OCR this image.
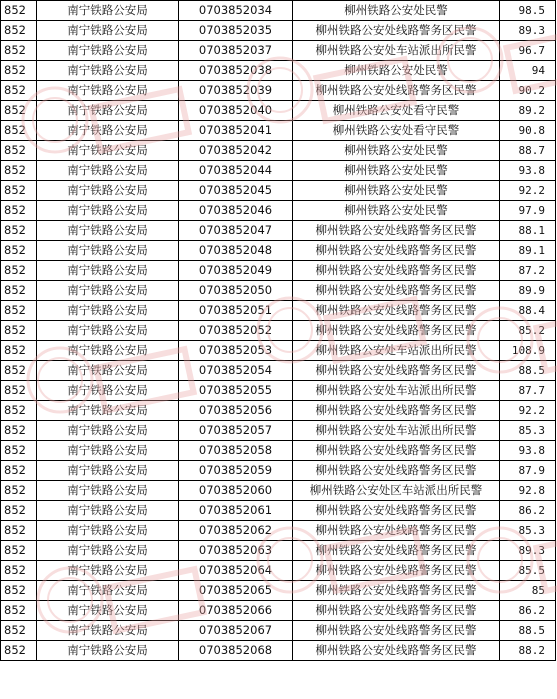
852	南宁铁路公安局	0703852034	柳州铁路公安处民警	98.5
852	南宁铁路公安局	0703852035	柳州铁路公安处线路警务区民警	89.3
852	南宁铁路公安局	0703852037	柳州铁路公安处车站派出所民警	96.7
852	南宁铁路公安局	0703852038	柳州铁路公安处民警	94
852	南宁铁路公安局	0703852039	柳州铁路公安处线路警务区民警	90.2
852	南宁铁路公安局	0703852040	柳州铁路公安处看守民警	89.2
852	南宁铁路公安局	0703852041	柳州铁路公安处看守民警	90.8
852	南宁铁路公安局	0703852042	柳州铁路公安处民警	88.7
852	南宁铁路公安局	0703852044	柳州铁路公安处民警	93.8
852	南宁铁路公安局	0703852045	柳州铁路公安处民警	92.2
852	南宁铁路公安局	0703852046	柳州铁路公安处民警	97.9
852	南宁铁路公安局	0703852047	柳州铁路公安处线路警务区民警	88.1
852	南宁铁路公安局	0703852048	柳州铁路公安处线路警务区民警	89.1
852	南宁铁路公安局	0703852049	柳州铁路公安处线路警务区民警	87.2
852	南宁铁路公安局	0703852050	柳州铁路公安处线路警务区民警	89.9
852	南宁铁路公安局	0703852051	柳州铁路公安处线路警务区民警	88.4
852	南宁铁路公安局	0703852052	柳州铁路公安处线路警务区民警	85.2
852	南宁铁路公安局	0703852053	柳州铁路公安处车站派出所民警	108.9
852	南宁铁路公安局	0703852054	柳州铁路公安处线路警务区民警	88.5
852	南宁铁路公安局	0703852055	柳州铁路公安处车站派出所民警	87.7
852	南宁铁路公安局	0703852056	柳州铁路公安处线路警务区民警	92.2
852	南宁铁路公安局	0703852057	柳州铁路公安处车站派出所民警	85.3
852	南宁铁路公安局	0703852058	柳州铁路公安处线路警务区民警	93.8
852	南宁铁路公安局	0703852059	柳州铁路公安处线路警务区民警	87.9
852	南宁铁路公安局	0703852060	柳州铁路公安处区车站派出所民警	92.8
852	南宁铁路公安局	0703852061	柳州铁路公安处线路警务区民警	86.2
852	南宁铁路公安局	0703852062	柳州铁路公安处线路警务区民警	85.3
852	南宁铁路公安局	0703852063	柳州铁路公安处线路警务区民警	89.3
852	南宁铁路公安局	0703852064	柳州铁路公安处线路警务区民警	85.5
852	南宁铁路公安局	0703852065	柳州铁路公安处线路警务区民警	85
852	南宁铁路公安局	0703852066	柳州铁路公安处线路警务区民警	86.2
852	南宁铁路公安局	0703852067	柳州铁路公安处线路警务区民警	88.5
852	南宁铁路公安局	0703852068	柳州铁路公安处线路警务区民警	88.2
